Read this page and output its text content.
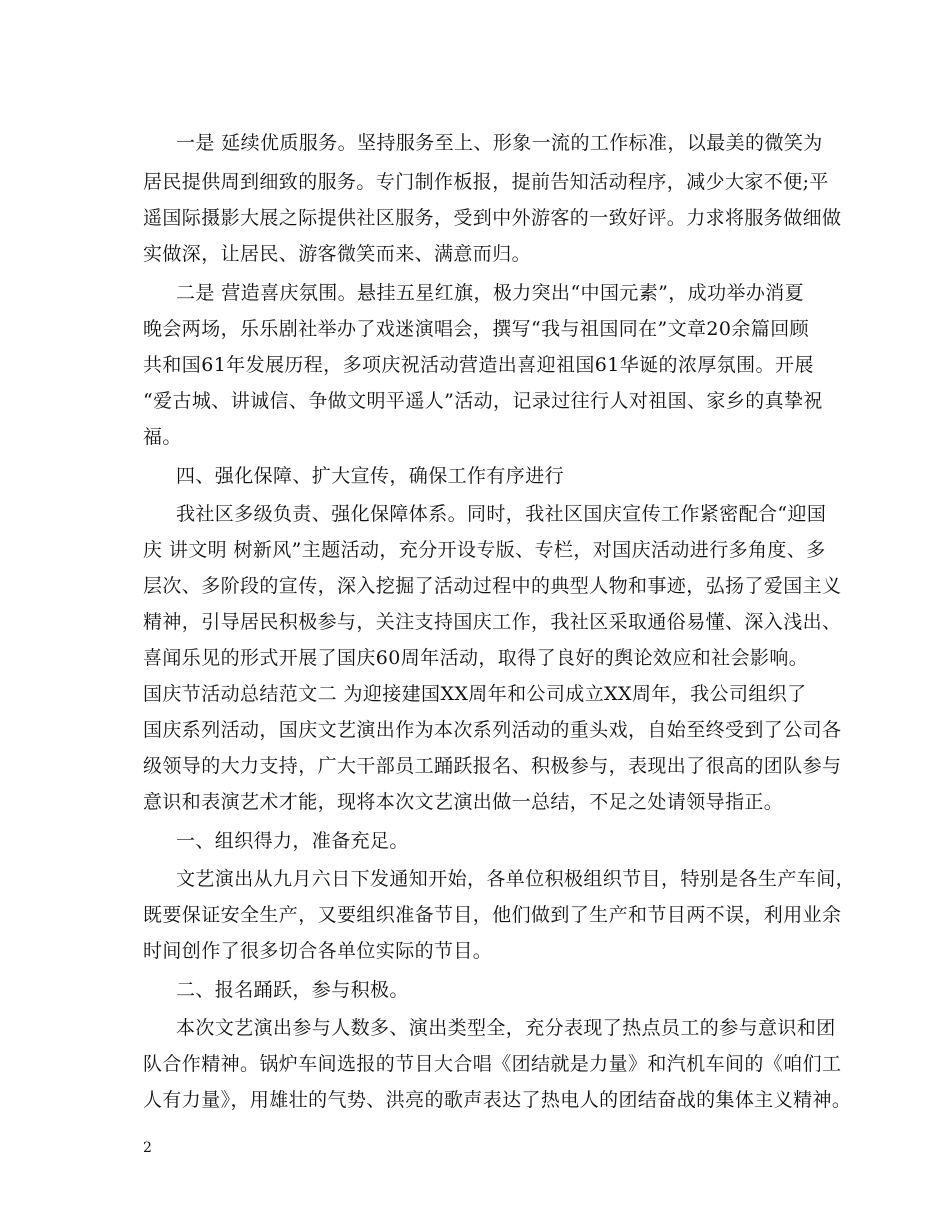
一是 延续优质服务。坚持服务至上、形象一流的工作标准，以最美的微笑为
居民提供周到细致的服务。专门制作板报，提前告知活动程序，减少大家不便;平
遥国际摄影大展之际提供社区服务，受到中外游客的一致好评。力求将服务做细做
实做深，让居民、游客微笑而来、满意而归。
二是 营造喜庆氛围。悬挂五星红旗，极力突出“中国元素”，成功举办消夏
晚会两场，乐乐剧社举办了戏迷演唱会，撰写“我与祖国同在”文章20余篇回顾
共和国61年发展历程，多项庆祝活动营造出喜迎祖国61华诞的浓厚氛围。开展
“爱古城、讲诚信、争做文明平遥人”活动，记录过往行人对祖国、家乡的真挚祝
福。
四、强化保障、扩大宣传，确保工作有序进行
我社区多级负责、强化保障体系。同时，我社区国庆宣传工作紧密配合“迎国
庆 讲文明 树新风”主题活动，充分开设专版、专栏，对国庆活动进行多角度、多
层次、多阶段的宣传，深入挖掘了活动过程中的典型人物和事迹，弘扬了爱国主义
精神，引导居民积极参与，关注支持国庆工作，我社区采取通俗易懂、深入浅出、
喜闻乐见的形式开展了国庆60周年活动，取得了良好的舆论效应和社会影响。
国庆节活动总结范文二 为迎接建国XX周年和公司成立XX周年，我公司组织了
国庆系列活动，国庆文艺演出作为本次系列活动的重头戏，自始至终受到了公司各
级领导的大力支持，广大干部员工踊跃报名、积极参与，表现出了很高的团队参与
意识和表演艺术才能，现将本次文艺演出做一总结，不足之处请领导指正。
一、组织得力，准备充足。
文艺演出从九月六日下发通知开始，各单位积极组织节目，特别是各生产车间，
既要保证安全生产，又要组织准备节目，他们做到了生产和节目两不误，利用业余
时间创作了很多切合各单位实际的节目。
二、报名踊跃，参与积极。
本次文艺演出参与人数多、演出类型全，充分表现了热点员工的参与意识和团
队合作精神。锅炉车间选报的节目大合唱《团结就是力量》和汽机车间的《咱们工
人有力量》，用雄壮的气势、洪亮的歌声表达了热电人的团结奋战的集体主义精神。
2
